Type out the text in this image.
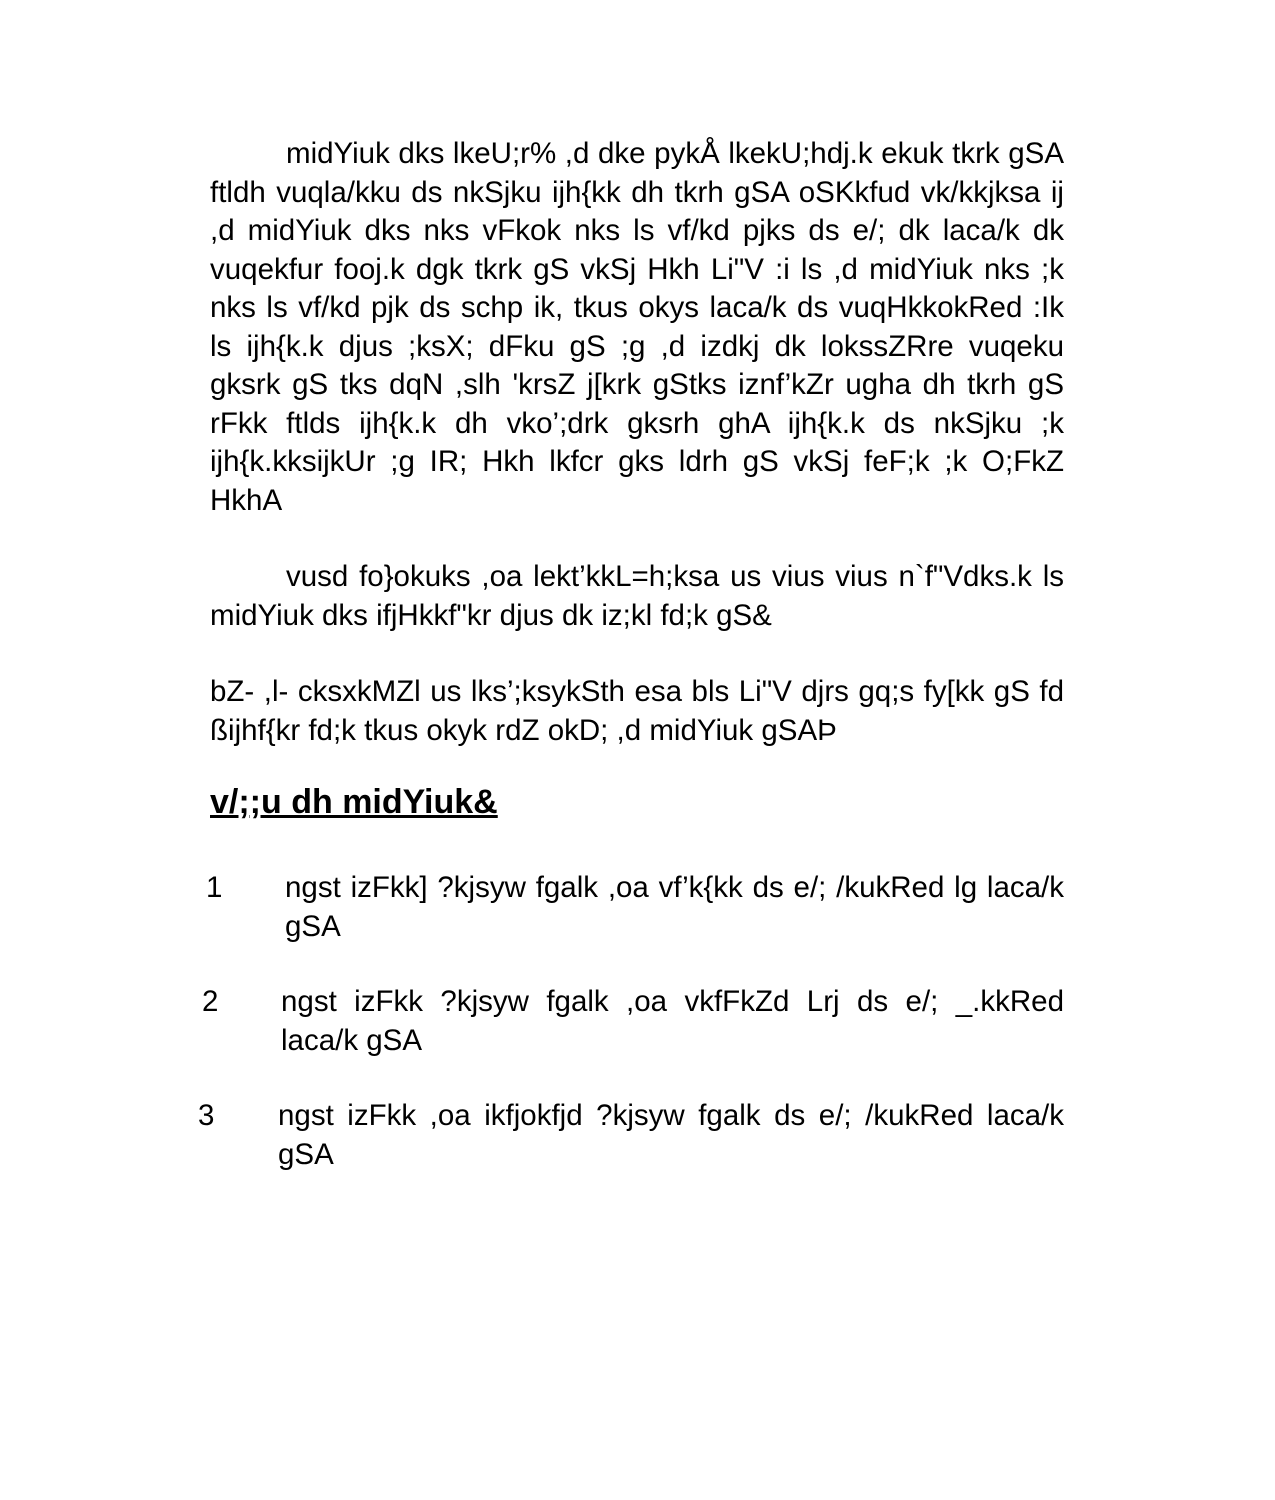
midYiuk dks lkeU;r% ,d dke pykÅ lkekU;hdj.k ekuk tkrk gSA ftldh vuqla/kku ds nkSjku ijh{kk dh tkrh gSA oSKkfud vk/kkjksa ij ,d midYiuk dks nks vFkok nks ls vf/kd pjks ds e/; dk laca/k dk vuqekfur fooj.k dgk tkrk gS vkSj Hkh Li"V :i ls ,d midYiuk nks ;k nks ls vf/kd pjk ds schp ik, tkus okys laca/k ds vuqHkkokRed :Ik ls ijh{k.k djus ;ksX; dFku gS ;g ,d izdkj dk lokssZRre vuqeku gksrk gS tks dqN ,slh 'krsZ j[krk gStks iznf’kZr ugha dh tkrh gS rFkk ftlds ijh{k.k dh vko’;drk gksrh ghA ijh{k.k ds nkSjku ;k ijh{k.kksijkUr ;g IR; Hkh lkfcr gks ldrh gS vkSj feF;k ;k O;FkZ HkhA

vusd fo}okuks ,oa lekt’kkL=h;ksa us vius vius n`f"Vdks.k ls midYiuk dks ifjHkkf"kr djus dk iz;kl fd;k gS&

bZ- ,l- cksxkMZl us lks’;ksykSth esa bls Li"V djrs gq;s fy[kk gS fd ßijhf{kr fd;k tkus okyk rdZ okD; ,d midYiuk gSAÞ

v/;;u dh midYiuk&
1 ngst izFkk] ?kjsyw fgalk ,oa vf’k{kk ds e/; /kukRed lg laca/k gSA
2 ngst izFkk ?kjsyw fgalk ,oa vkfFkZd Lrj ds e/; _.kkRed laca/k gSA
3 ngst izFkk ,oa ikfjokfjd ?kjsyw fgalk ds e/; /kukRed laca/k gSA
